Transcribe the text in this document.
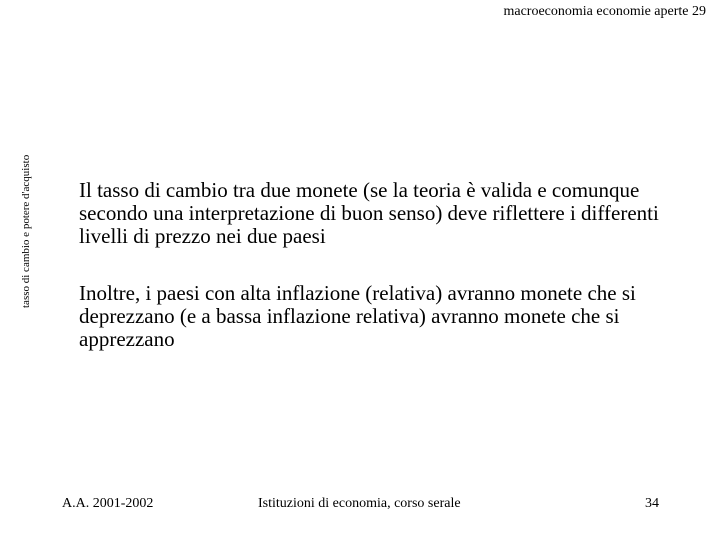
macroeconomia economie aperte 29
tasso di cambio e potere d'acquisto Il tasso di cambio tra due monete (se la teoria è valida e comunque secondo una interpretazione di buon senso) deve riflettere i differenti livelli di prezzo nei due paesi
Inoltre, i paesi con alta inflazione (relativa) avranno monete che si deprezzano (e a bassa inflazione relativa) avranno monete che si apprezzano
A.A. 2001-2002	Istituzioni di economia, corso serale	34
